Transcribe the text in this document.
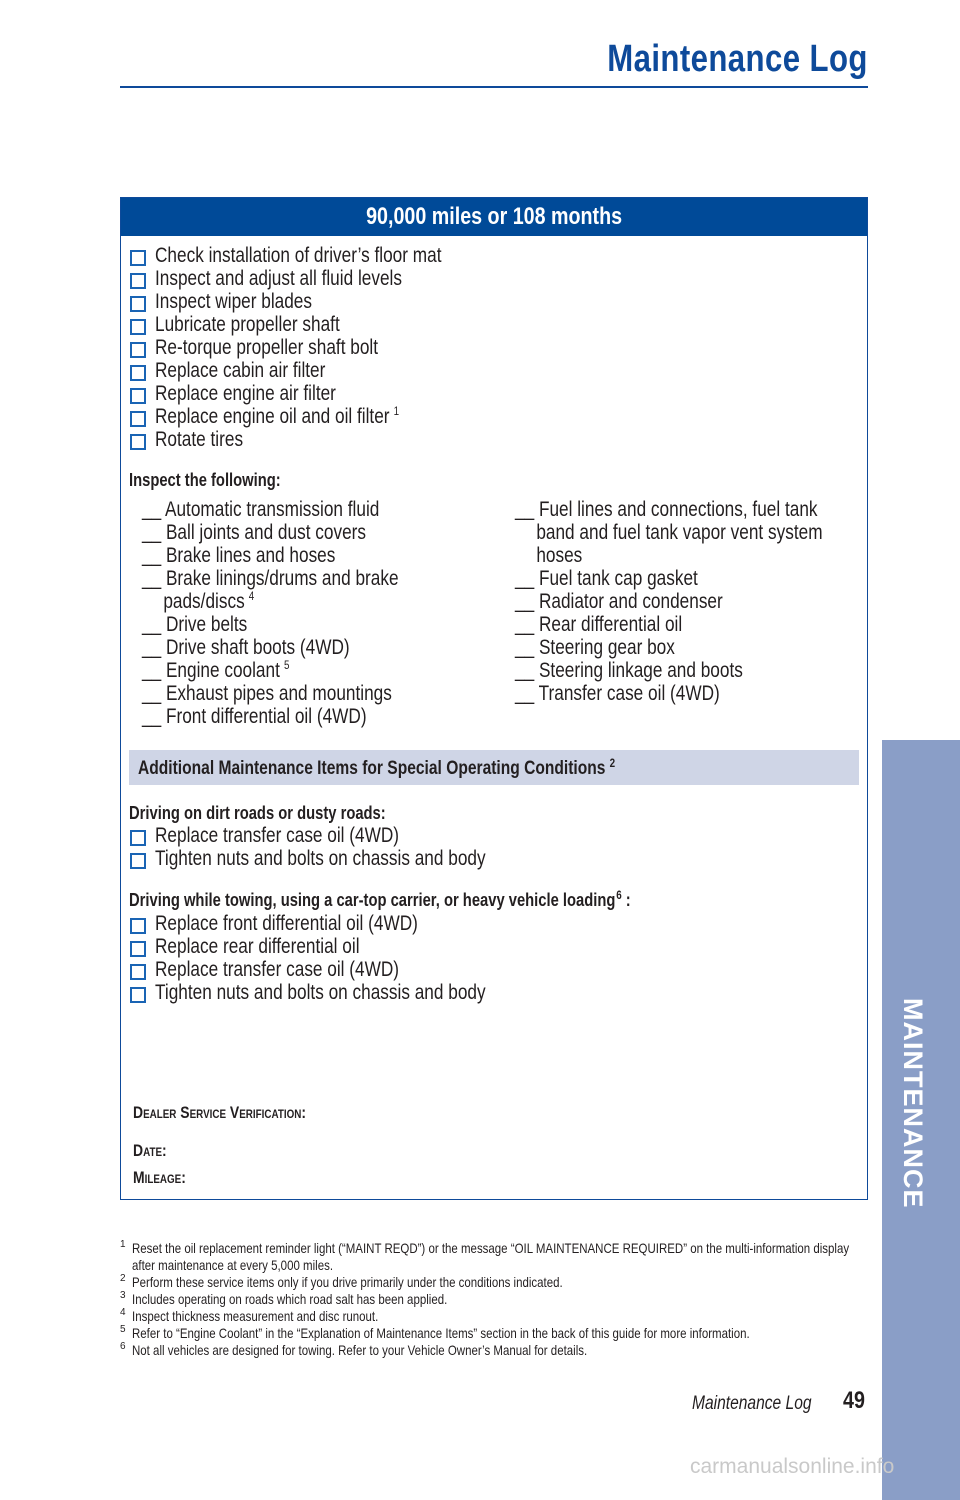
Maintenance Log
MAINTENANCE
90,000 miles or 108 months
Check installation of driver’s floor mat
Inspect and adjust all fluid levels
Inspect wiper blades
Lubricate propeller shaft
Re-torque propeller shaft bolt
Replace cabin air filter
Replace engine air filter
Replace engine oil and oil filter $^1$
Rotate tires
Inspect the following:
__ Automatic transmission fluid
__ Ball joints and dust covers
__ Brake lines and hoses
__ Brake linings/drums and brake
pads/discs $^4$
__ Drive belts
__ Drive shaft boots (4WD)
__ Engine coolant $^5$
__ Exhaust pipes and mountings
__ Front differential oil (4WD)
__ Fuel lines and connections, fuel tank
band and fuel tank vapor vent system
hoses
__ Fuel tank cap gasket
__ Radiator and condenser
__ Rear differential oil
__ Steering gear box
__ Steering linkage and boots
__ Transfer case oil (4WD)
Additional Maintenance Items for Special Operating Conditions $^2$
Driving on dirt roads or dusty roads:
Replace transfer case oil (4WD)
Tighten nuts and bolts on chassis and body
Driving while towing, using a car-top carrier, or heavy vehicle loading$^6$ :
Replace front differential oil (4WD)
Replace rear differential oil
Replace transfer case oil (4WD)
Tighten nuts and bolts on chassis and body
Dealer Service Verification:
Date:
Mileage:
1 Reset the oil replacement reminder light (“MAINT REQD”) or the message “OIL MAINTENANCE REQUIRED” on the multi-information display after maintenance at every 5,000 miles.
2 Perform these service items only if you drive primarily under the conditions indicated.
3 Includes operating on roads which road salt has been applied.
4 Inspect thickness measurement and disc runout.
5 Refer to “Engine Coolant” in the “Explanation of Maintenance Items” section in the back of this guide for more information.
6 Not all vehicles are designed for towing. Refer to your Vehicle Owner’s Manual for details.
Maintenance Log	49
carmanualsonline.info
